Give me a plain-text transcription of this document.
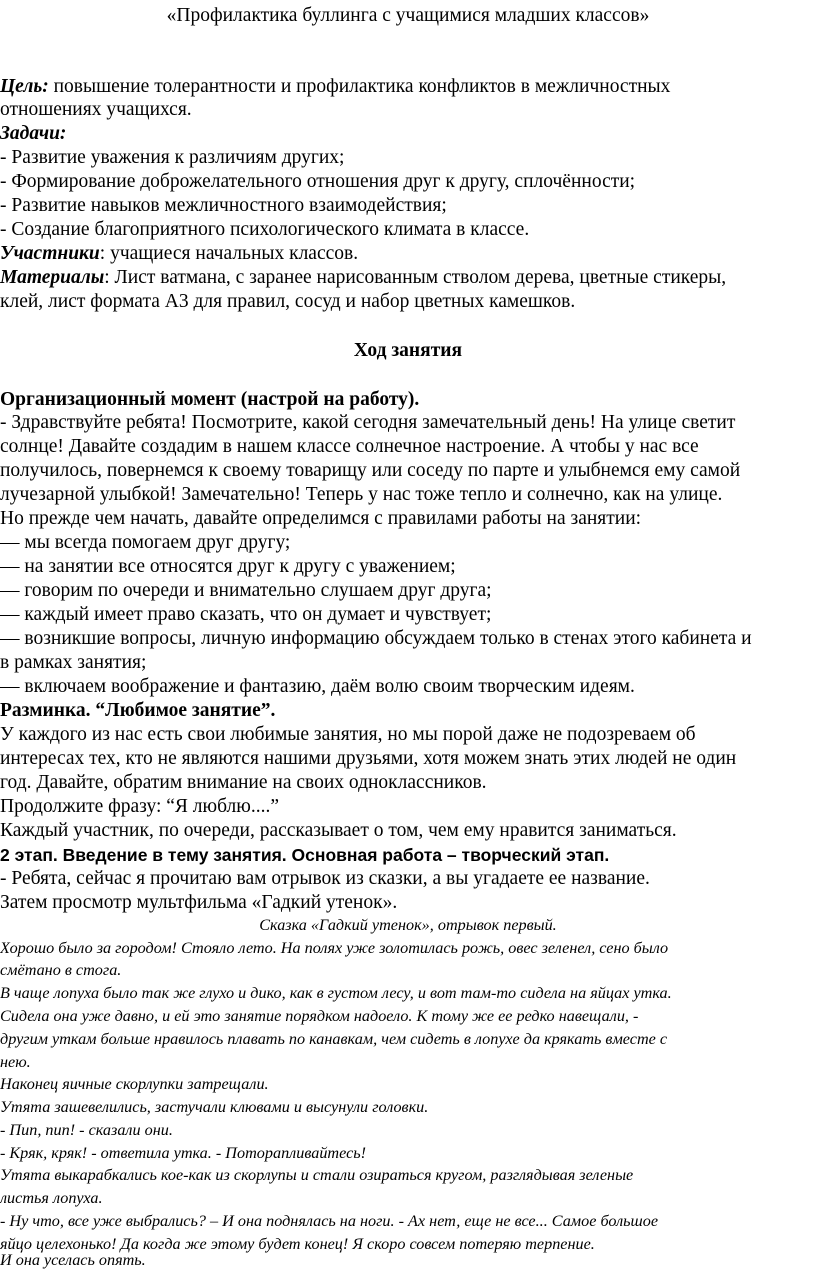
«Профилактика буллинга с учащимися младших классов»
Цель: повышение толерантности и профилактика конфликтов в межличностных
отношениях учащихся.
Задачи:
- Развитие уважения к различиям других;
- Формирование доброжелательного отношения друг к другу, сплочённости;
- Развитие навыков межличностного взаимодействия;
- Создание благоприятного психологического климата в классе.
Участники: учащиеся начальных классов.
Материалы: Лист ватмана, с заранее нарисованным стволом дерева, цветные стикеры,
клей, лист формата А3 для правил, сосуд и набор цветных камешков.
Ход занятия
Организационный момент (настрой на работу).
- Здравствуйте ребята! Посмотрите, какой сегодня замечательный день! На улице светит
солнце! Давайте создадим в нашем классе солнечное настроение. А чтобы у нас все
получилось, повернемся к своему товарищу или соседу по парте и улыбнемся ему самой
лучезарной улыбкой! Замечательно! Теперь у нас тоже тепло и солнечно, как на улице.
Но прежде чем начать, давайте определимся с правилами работы на занятии:
— мы всегда помогаем друг другу;
— на занятии все относятся друг к другу с уважением;
— говорим по очереди и внимательно слушаем друг друга;
— каждый имеет право сказать, что он думает и чувствует;
— возникшие вопросы, личную информацию обсуждаем только в стенах этого кабинета и
в рамках занятия;
— включаем воображение и фантазию, даём волю своим творческим идеям.
Разминка. “Любимое занятие”.
У каждого из нас есть свои любимые занятия, но мы порой даже не подозреваем об
интересах тех, кто не являются нашими друзьями, хотя можем знать этих людей не один
год. Давайте, обратим внимание на своих одноклассников.
Продолжите фразу: “Я люблю....”
Каждый участник, по очереди, рассказывает о том, чем ему нравится заниматься.
2 этап. Введение в тему занятия. Основная работа – творческий этап.
- Ребята, сейчас я прочитаю вам отрывок из сказки, а вы угадаете ее название.
Затем просмотр мультфильма «Гадкий утенок».
Сказка «Гадкий утенок», отрывок первый.
Хорошо было за городом! Стояло лето. На полях уже золотилась рожь, овес зеленел, сено было
смётано в стога.
В чаще лопуха было так же глухо и дико, как в густом лесу, и вот там-то сидела на яйцах утка.
Сидела она уже давно, и ей это занятие порядком надоело. К тому же ее редко навещали, -
другим уткам больше нравилось плавать по канавкам, чем сидеть в лопухе да крякать вместе с
нею.
Наконец яичные скорлупки затрещали.
Утята зашевелились, застучали клювами и высунули головки.
- Пип, пип! - сказали они.
- Кряк, кряк! - ответила утка. - Поторапливайтесь!
Утята выкарабкались кое-как из скорлупы и стали озираться кругом, разглядывая зеленые
листья лопуха.
- Ну что, все уже выбрались? – И она поднялась на ноги. - Ах нет, еще не все... Самое большое
яйцо целехонько! Да когда же этому будет конец! Я скоро совсем потеряю терпение.
И она уселась опять.
